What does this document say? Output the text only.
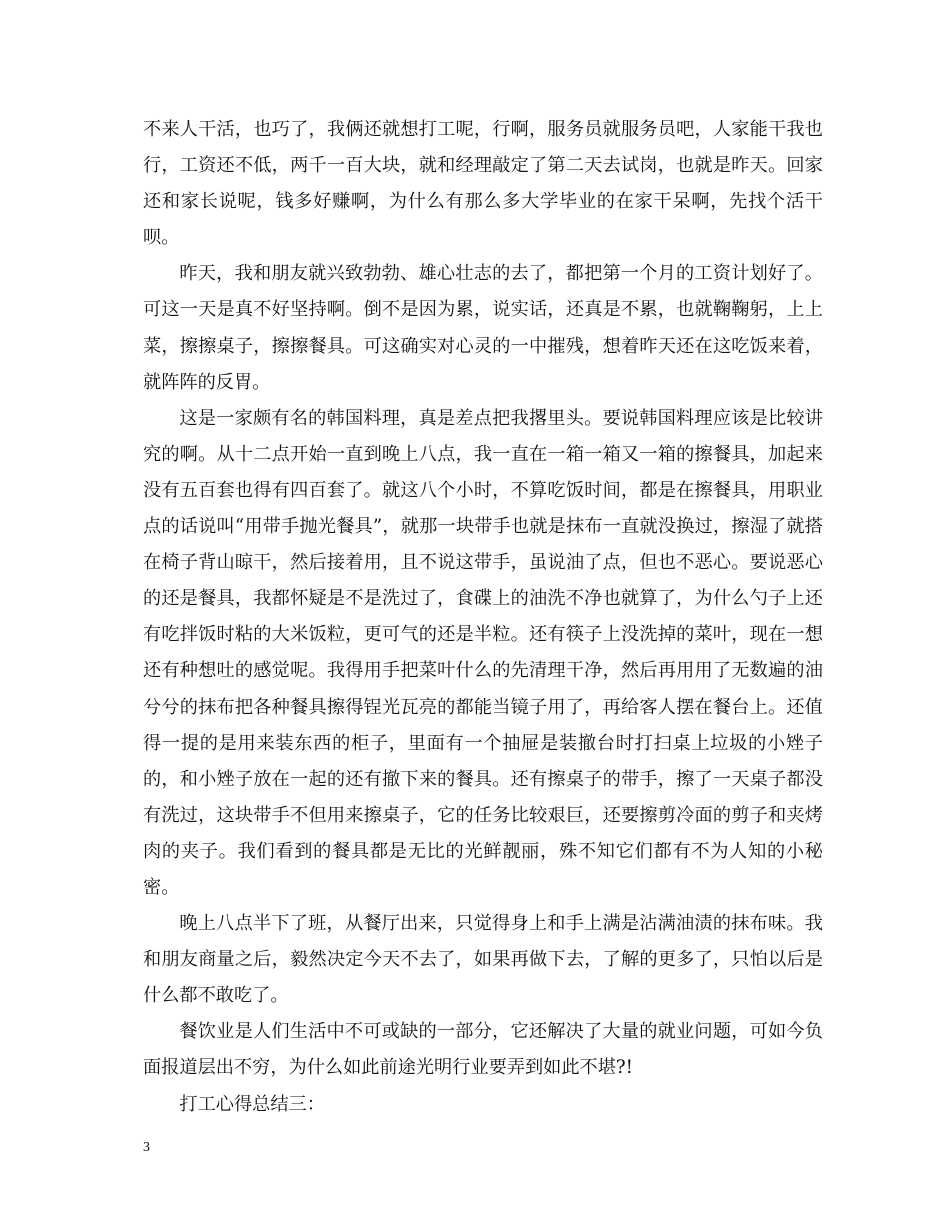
不来人干活，也巧了，我俩还就想打工呢，行啊，服务员就服务员吧，人家能干我也行，工资还不低，两千一百大块，就和经理敲定了第二天去试岗，也就是昨天。回家还和家长说呢，钱多好赚啊，为什么有那么多大学毕业的在家干呆啊，先找个活干呗。

昨天，我和朋友就兴致勃勃、雄心壮志的去了，都把第一个月的工资计划好了。可这一天是真不好坚持啊。倒不是因为累，说实话，还真是不累，也就鞠鞠躬，上上菜，擦擦桌子，擦擦餐具。可这确实对心灵的一中摧残，想着昨天还在这吃饭来着，就阵阵的反胃。

这是一家颇有名的韩国料理，真是差点把我撂里头。要说韩国料理应该是比较讲究的啊。从十二点开始一直到晚上八点，我一直在一箱一箱又一箱的擦餐具，加起来没有五百套也得有四百套了。就这八个小时，不算吃饭时间，都是在擦餐具，用职业点的话说叫“用带手抛光餐具”，就那一块带手也就是抹布一直就没换过，擦湿了就搭在椅子背山晾干，然后接着用，且不说这带手，虽说油了点，但也不恶心。要说恶心的还是餐具，我都怀疑是不是洗过了，食碟上的油洗不净也就算了，为什么勺子上还有吃拌饭时粘的大米饭粒，更可气的还是半粒。还有筷子上没洗掉的菜叶，现在一想还有种想吐的感觉呢。我得用手把菜叶什么的先清理干净，然后再用用了无数遍的油兮兮的抹布把各种餐具擦得锃光瓦亮的都能当镜子用了，再给客人摆在餐台上。还值得一提的是用来装东西的柜子，里面有一个抽屉是装撤台时打扫桌上垃圾的小矬子的，和小矬子放在一起的还有撤下来的餐具。还有擦桌子的带手，擦了一天桌子都没有洗过，这块带手不但用来擦桌子，它的任务比较艰巨，还要擦剪冷面的剪子和夹烤肉的夹子。我们看到的餐具都是无比的光鲜靓丽，殊不知它们都有不为人知的小秘密。

晚上八点半下了班，从餐厅出来，只觉得身上和手上满是沾满油渍的抹布味。我和朋友商量之后，毅然决定今天不去了，如果再做下去，了解的更多了，只怕以后是什么都不敢吃了。

餐饮业是人们生活中不可或缺的一部分，它还解决了大量的就业问题，可如今负面报道层出不穷，为什么如此前途光明行业要弄到如此不堪?!

打工心得总结三：

3
